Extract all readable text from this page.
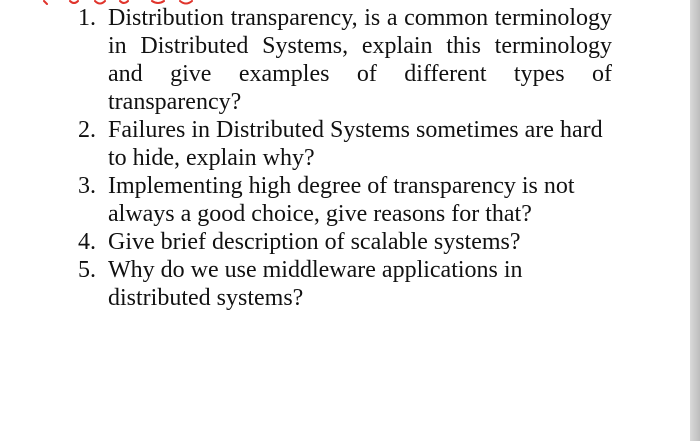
1. Distribution transparency, is a common terminology in Distributed Systems, explain this terminology and give examples of different types of transparency?
2. Failures in Distributed Systems sometimes are hard to hide, explain why?
3. Implementing high degree of transparency is not always a good choice, give reasons for that?
4. Give brief description of scalable systems?
5. Why do we use middleware applications in distributed systems?
